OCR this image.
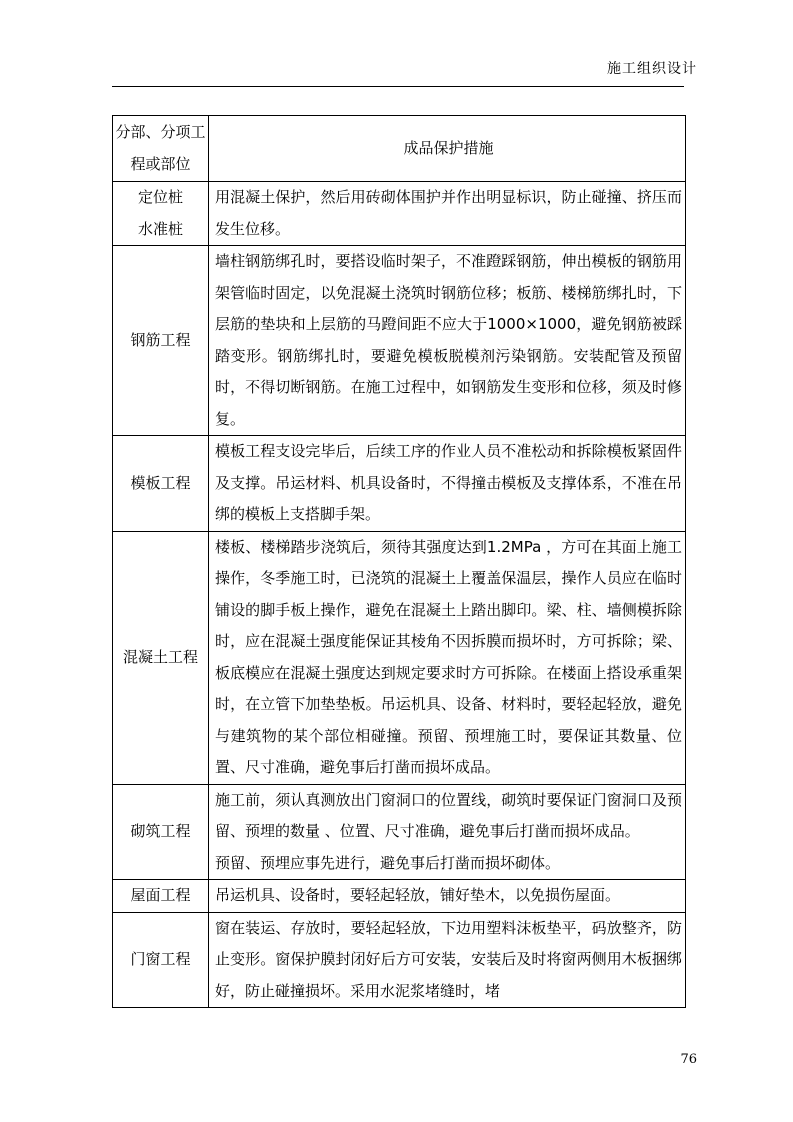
施工组织设计
分部、分项工程或部位	成品保护措施
定位桩
水准桩	用混凝土保护，然后用砖砌体围护并作出明显标识，防止碰撞、挤压而发生位移。

钢筋工程	墙柱钢筋绑孔时，要搭设临时架子，不准蹬踩钢筋，伸出模板的钢筋用架管临时固定，以免混凝土浇筑时钢筋位移；板筋、楼梯筋绑扎时，下层筋的垫块和上层筋的马蹬间距不应大于1000×1000，避免钢筋被踩踏变形。钢筋绑扎时，要避免模板脱模剂污染钢筋。安装配管及预留时，不得切断钢筋。在施工过程中，如钢筋发生变形和位移，须及时修复。

模板工程	模板工程支设完毕后，后续工序的作业人员不准松动和拆除模板紧固件及支撑。吊运材料、机具设备时，不得撞击模板及支撑体系，不准在吊绑的模板上支搭脚手架。

混凝土工程	楼板、楼梯踏步浇筑后，须待其强度达到1.2MPa ，方可在其面上施工操作，冬季施工时，已浇筑的混凝土上覆盖保温层，操作人员应在临时 铺设的脚手板上操作，避免在混凝土上踏出脚印。梁、柱、墙侧模拆除时，应在混凝土强度能保证其棱角不因拆膜而损坏时，方可拆除；梁、板底模应在混凝土强度达到规定要求时方可拆除。在楼面上搭设承重架时，在立管下加垫垫板。吊运机具、设备、材料时，要轻起轻放，避免与建筑物的某个部位相碰撞。预留、预埋施工时，要保证其数量、位置、尺寸准确，避免事后打凿而损坏成品。

砌筑工程	施工前，须认真测放出门窗洞口的位置线，砌筑时要保证门窗洞口及预留、预埋的数量 、位置、尺寸准确，避免事后打凿而损坏成品。
预留、预埋应事先进行，避免事后打凿而损坏砌体。

屋面工程	吊运机具、设备时，要轻起轻放，铺好垫木，以免损伤屋面。

门窗工程	窗在装运、存放时，要轻起轻放，下边用塑料沫板垫平，码放整齐，防止变形。窗保护膜封闭好后方可安装，安装后及时将窗两侧用木板捆绑好，防止碰撞损坏。采用水泥浆堵缝时，堵
76
